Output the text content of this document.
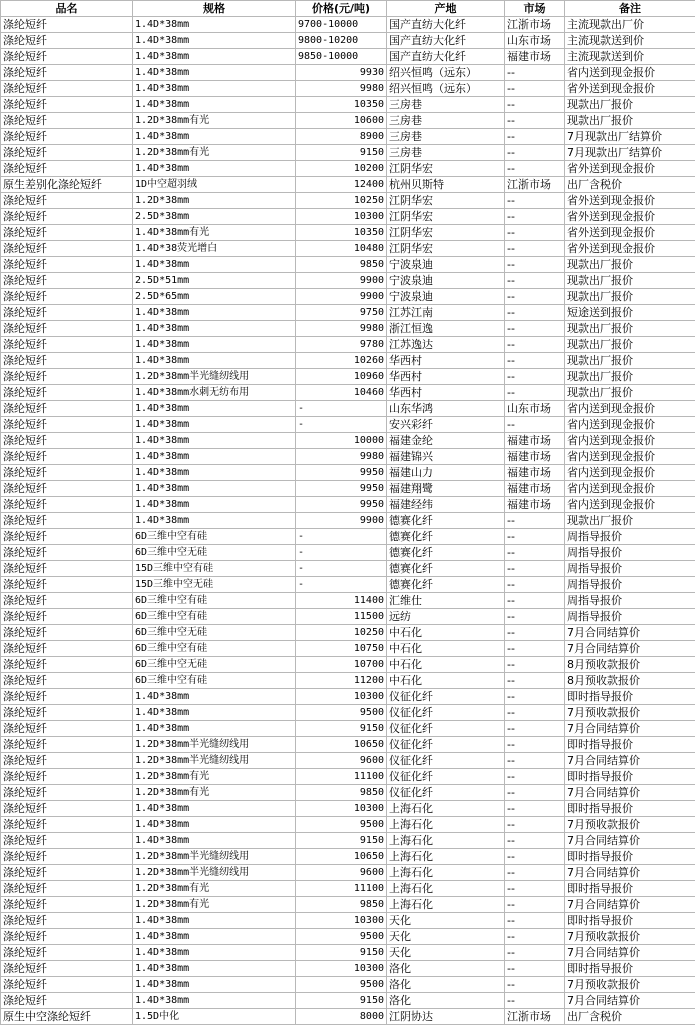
品名	规格	价格(元/吨)	产地	市场	备注
涤纶短纤	1.4D*38mm	9700-10000	国产直纺大化纤	江浙市场	主流现款出厂价
涤纶短纤	1.4D*38mm	9800-10200	国产直纺大化纤	山东市场	主流现款送到价
涤纶短纤	1.4D*38mm	9850-10000	国产直纺大化纤	福建市场	主流现款送到价
涤纶短纤	1.4D*38mm	9930	绍兴恒鸣（远东）	--	省内送到现金报价
涤纶短纤	1.4D*38mm	9980	绍兴恒鸣（远东）	--	省外送到现金报价
涤纶短纤	1.4D*38mm	10350	三房巷	--	现款出厂报价
涤纶短纤	1.2D*38mm有光	10600	三房巷	--	现款出厂报价
涤纶短纤	1.4D*38mm	8900	三房巷	--	7月现款出厂结算价
涤纶短纤	1.2D*38mm有光	9150	三房巷	--	7月现款出厂结算价
涤纶短纤	1.4D*38mm	10200	江阴华宏	--	省外送到现金报价
原生差别化涤纶短纤	1D中空超羽绒	12400	杭州贝斯特	江浙市场	出厂含税价
涤纶短纤	1.2D*38mm	10250	江阴华宏	--	省外送到现金报价
涤纶短纤	2.5D*38mm	10300	江阴华宏	--	省外送到现金报价
涤纶短纤	1.4D*38mm有光	10350	江阴华宏	--	省外送到现金报价
涤纶短纤	1.4D*38荧光增白	10480	江阴华宏	--	省外送到现金报价
涤纶短纤	1.4D*38mm	9850	宁波泉迪	--	现款出厂报价
涤纶短纤	2.5D*51mm	9900	宁波泉迪	--	现款出厂报价
涤纶短纤	2.5D*65mm	9900	宁波泉迪	--	现款出厂报价
涤纶短纤	1.4D*38mm	9750	江苏江南	--	短途送到报价
涤纶短纤	1.4D*38mm	9980	浙江恒逸	--	现款出厂报价
涤纶短纤	1.4D*38mm	9780	江苏逸达	--	现款出厂报价
涤纶短纤	1.4D*38mm	10260	华西村	--	现款出厂报价
涤纶短纤	1.2D*38mm半光缝纫线用	10960	华西村	--	现款出厂报价
涤纶短纤	1.4D*38mm水刺无纺布用	10460	华西村	--	现款出厂报价
涤纶短纤	1.4D*38mm	-	山东华鸿	山东市场	省内送到现金报价
涤纶短纤	1.4D*38mm	-	安兴彩纤	--	省内送到现金报价
涤纶短纤	1.4D*38mm	10000	福建金纶	福建市场	省内送到现金报价
涤纶短纤	1.4D*38mm	9980	福建锦兴	福建市场	省内送到现金报价
涤纶短纤	1.4D*38mm	9950	福建山力	福建市场	省内送到现金报价
涤纶短纤	1.4D*38mm	9950	福建翔鹭	福建市场	省内送到现金报价
涤纶短纤	1.4D*38mm	9950	福建经纬	福建市场	省内送到现金报价
涤纶短纤	1.4D*38mm	9900	德赛化纤	--	现款出厂报价
涤纶短纤	6D三维中空有硅	-	德赛化纤	--	周指导报价
涤纶短纤	6D三维中空无硅	-	德赛化纤	--	周指导报价
涤纶短纤	15D三维中空有硅	-	德赛化纤	--	周指导报价
涤纶短纤	15D三维中空无硅	-	德赛化纤	--	周指导报价
涤纶短纤	6D三维中空有硅	11400	汇维仕	--	周指导报价
涤纶短纤	6D三维中空有硅	11500	远纺	--	周指导报价
涤纶短纤	6D三维中空无硅	10250	中石化	--	7月合同结算价
涤纶短纤	6D三维中空有硅	10750	中石化	--	7月合同结算价
涤纶短纤	6D三维中空无硅	10700	中石化	--	8月预收款报价
涤纶短纤	6D三维中空有硅	11200	中石化	--	8月预收款报价
涤纶短纤	1.4D*38mm	10300	仪征化纤	--	即时指导报价
涤纶短纤	1.4D*38mm	9500	仪征化纤	--	7月预收款报价
涤纶短纤	1.4D*38mm	9150	仪征化纤	--	7月合同结算价
涤纶短纤	1.2D*38mm半光缝纫线用	10650	仪征化纤	--	即时指导报价
涤纶短纤	1.2D*38mm半光缝纫线用	9600	仪征化纤	--	7月合同结算价
涤纶短纤	1.2D*38mm有光	11100	仪征化纤	--	即时指导报价
涤纶短纤	1.2D*38mm有光	9850	仪征化纤	--	7月合同结算价
涤纶短纤	1.4D*38mm	10300	上海石化	--	即时指导报价
涤纶短纤	1.4D*38mm	9500	上海石化	--	7月预收款报价
涤纶短纤	1.4D*38mm	9150	上海石化	--	7月合同结算价
涤纶短纤	1.2D*38mm半光缝纫线用	10650	上海石化	--	即时指导报价
涤纶短纤	1.2D*38mm半光缝纫线用	9600	上海石化	--	7月合同结算价
涤纶短纤	1.2D*38mm有光	11100	上海石化	--	即时指导报价
涤纶短纤	1.2D*38mm有光	9850	上海石化	--	7月合同结算价
涤纶短纤	1.4D*38mm	10300	天化	--	即时指导报价
涤纶短纤	1.4D*38mm	9500	天化	--	7月预收款报价
涤纶短纤	1.4D*38mm	9150	天化	--	7月合同结算价
涤纶短纤	1.4D*38mm	10300	洛化	--	即时指导报价
涤纶短纤	1.4D*38mm	9500	洛化	--	7月预收款报价
涤纶短纤	1.4D*38mm	9150	洛化	--	7月合同结算价
原生中空涤纶短纤	1.5D中化	8000	江阴协达	江浙市场	出厂含税价
